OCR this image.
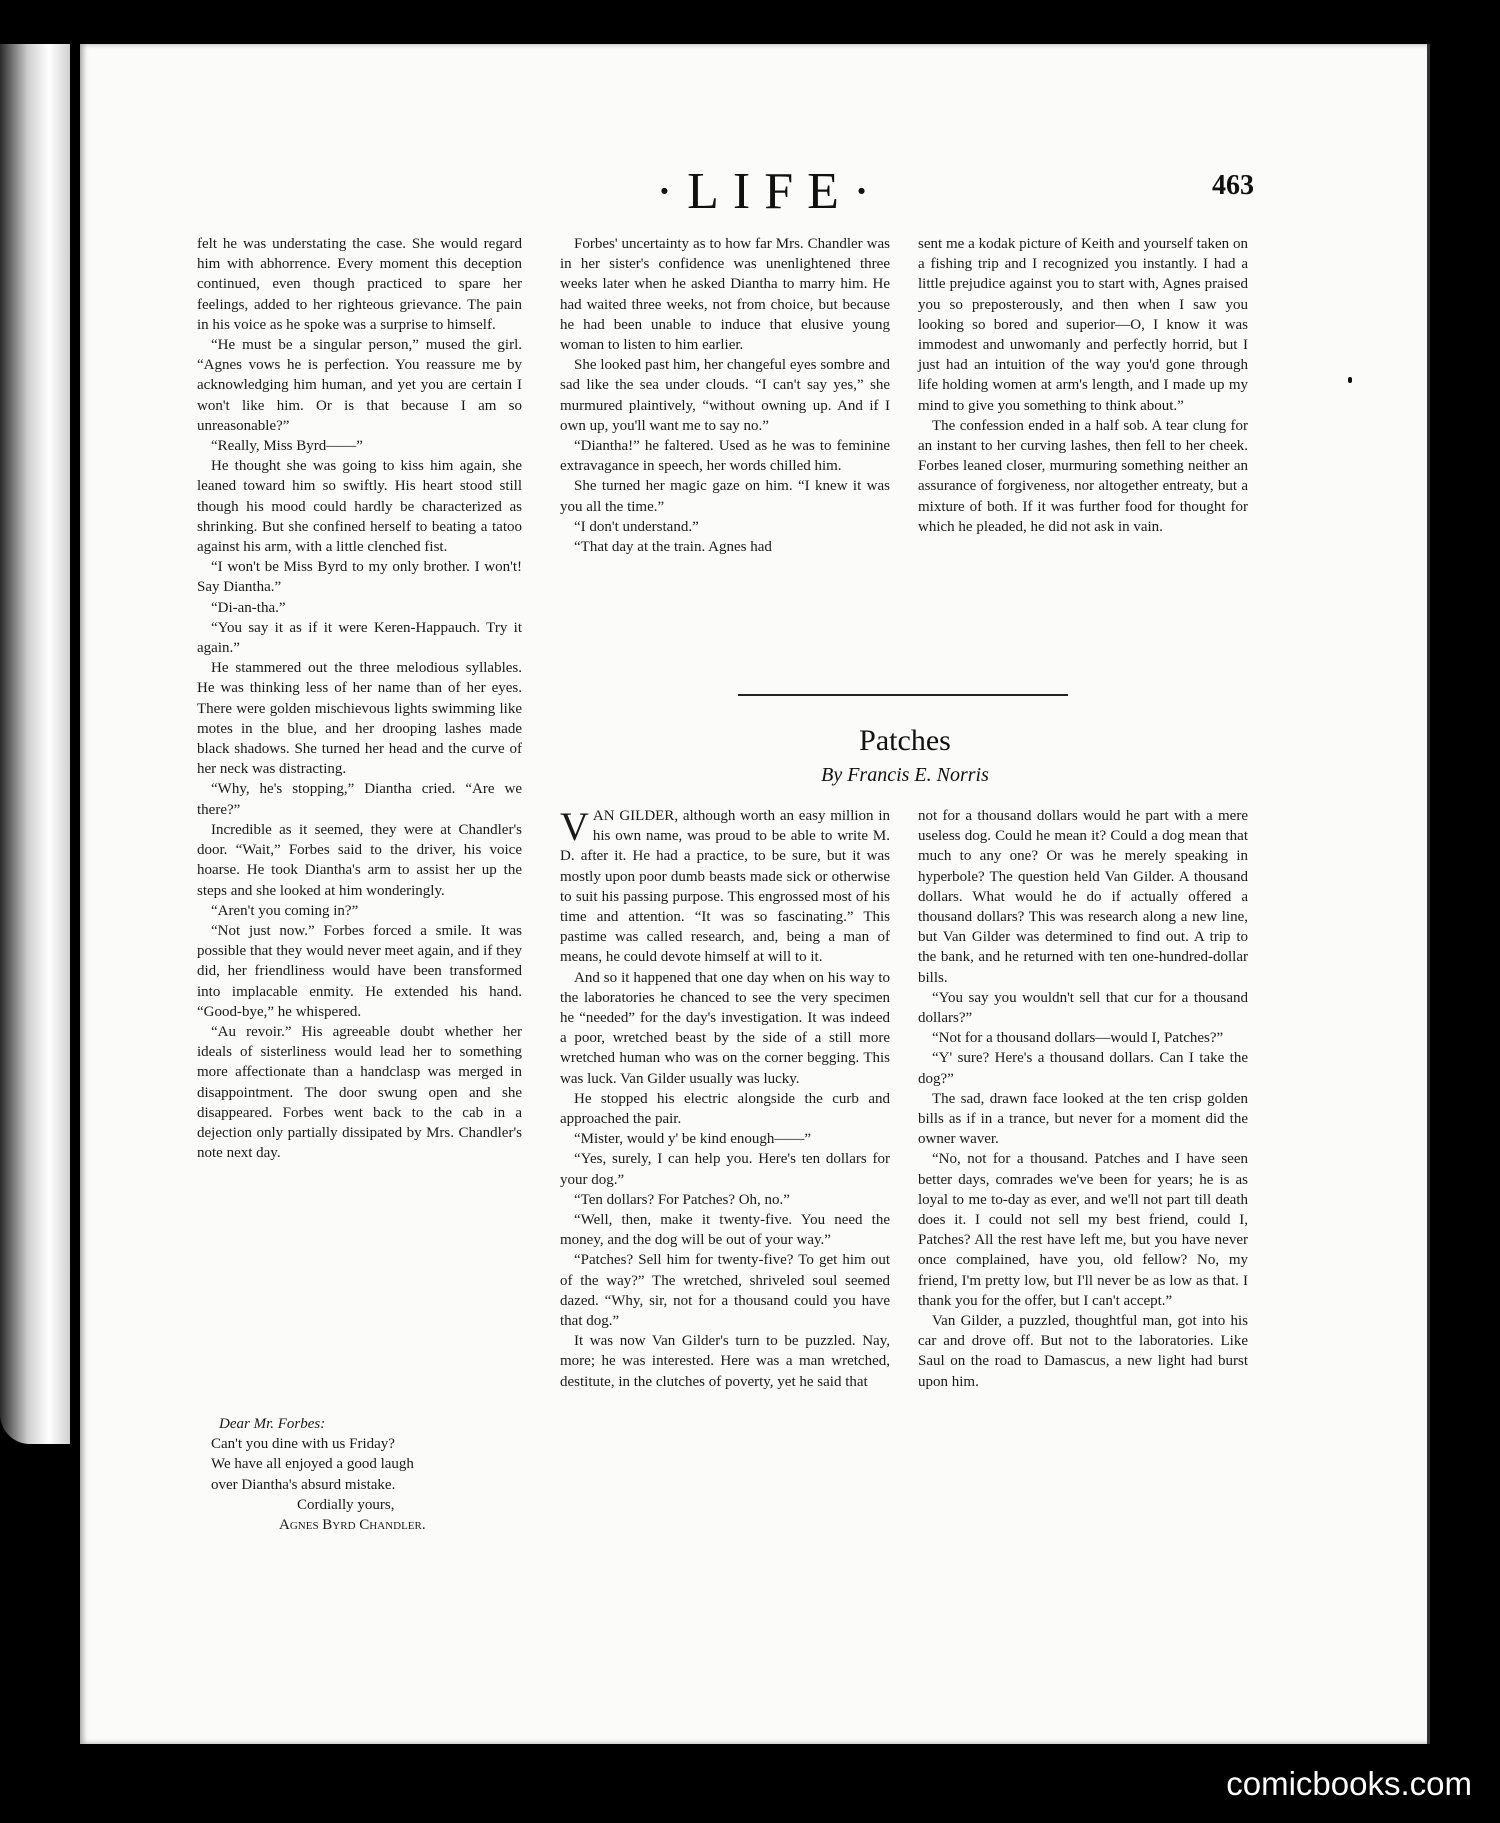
·LIFE·	463

felt he was understating the case. She would regard him with abhorrence. Every moment this deception continued, even though practiced to spare her feelings, added to her righteous grievance. The pain in his voice as he spoke was a surprise to himself.

“He must be a singular person,” mused the girl. “Agnes vows he is perfection. You reassure me by acknowledging him human, and yet you are certain I won't like him. Or is that because I am so unreasonable?”

“Really, Miss Byrd——”

He thought she was going to kiss him again, she leaned toward him so swiftly. His heart stood still though his mood could hardly be characterized as shrinking. But she confined herself to beating a tatoo against his arm, with a little clenched fist.

“I won't be Miss Byrd to my only brother. I won't! Say Diantha.”

“Di-an-tha.”

“You say it as if it were Keren-Happauch. Try it again.”

He stammered out the three melodious syllables. He was thinking less of her name than of her eyes. There were golden mischievous lights swimming like motes in the blue, and her drooping lashes made black shadows. She turned her head and the curve of her neck was distracting.

“Why, he's stopping,” Diantha cried. “Are we there?”

Incredible as it seemed, they were at Chandler's door. “Wait,” Forbes said to the driver, his voice hoarse. He took Diantha's arm to assist her up the steps and she looked at him wonderingly.

“Aren't you coming in?”

“Not just now.” Forbes forced a smile. It was possible that they would never meet again, and if they did, her friendliness would have been transformed into implacable enmity. He extended his hand. “Good-bye,” he whispered.

“Au revoir.” His agreeable doubt whether her ideals of sisterliness would lead her to something more affectionate than a handclasp was merged in disappointment. The door swung open and she disappeared. Forbes went back to the cab in a dejection only partially dissipated by Mrs. Chandler's note next day.

Dear Mr. Forbes:
Can't you dine with us Friday?
We have all enjoyed a good laugh
over Diantha's absurd mistake.
Cordially yours,
Agnes Byrd Chandler.

Forbes' uncertainty as to how far Mrs. Chandler was in her sister's confidence was unenlightened three weeks later when he asked Diantha to marry him. He had waited three weeks, not from choice, but because he had been unable to induce that elusive young woman to listen to him earlier.

She looked past him, her changeful eyes sombre and sad like the sea under clouds. “I can't say yes,” she murmured plaintively, “without owning up. And if I own up, you'll want me to say no.”

“Diantha!” he faltered. Used as he was to feminine extravagance in speech, her words chilled him.

She turned her magic gaze on him. “I knew it was you all the time.”

“I don't understand.”

“That day at the train. Agnes had

sent me a kodak picture of Keith and yourself taken on a fishing trip and I recognized you instantly. I had a little prejudice against you to start with, Agnes praised you so preposterously, and then when I saw you looking so bored and superior—O, I know it was immodest and unwomanly and perfectly horrid, but I just had an intuition of the way you'd gone through life holding women at arm's length, and I made up my mind to give you something to think about.”

The confession ended in a half sob. A tear clung for an instant to her curving lashes, then fell to her cheek. Forbes leaned closer, murmuring something neither an assurance of forgiveness, nor altogether entreaty, but a mixture of both. If it was further food for thought for which he pleaded, he did not ask in vain.

Patches
By Francis E. Norris

VAN GILDER, although worth an easy million in his own name, was proud to be able to write M. D. after it. He had a practice, to be sure, but it was mostly upon poor dumb beasts made sick or otherwise to suit his passing purpose. This engrossed most of his time and attention. “It was so fascinating.” This pastime was called research, and, being a man of means, he could devote himself at will to it.

And so it happened that one day when on his way to the laboratories he chanced to see the very specimen he “needed” for the day's investigation. It was indeed a poor, wretched beast by the side of a still more wretched human who was on the corner begging. This was luck. Van Gilder usually was lucky.

He stopped his electric alongside the curb and approached the pair.

“Mister, would y' be kind enough——”

“Yes, surely, I can help you. Here's ten dollars for your dog.”

“Ten dollars? For Patches? Oh, no.”

“Well, then, make it twenty-five. You need the money, and the dog will be out of your way.”

“Patches? Sell him for twenty-five? To get him out of the way?” The wretched, shriveled soul seemed dazed. “Why, sir, not for a thousand could you have that dog.”

It was now Van Gilder's turn to be puzzled. Nay, more; he was interested. Here was a man wretched, destitute, in the clutches of poverty, yet he said that

not for a thousand dollars would he part with a mere useless dog. Could he mean it? Could a dog mean that much to any one? Or was he merely speaking in hyperbole? The question held Van Gilder. A thousand dollars. What would he do if actually offered a thousand dollars? This was research along a new line, but Van Gilder was determined to find out. A trip to the bank, and he returned with ten one-hundred-dollar bills.

“You say you wouldn't sell that cur for a thousand dollars?”

“Not for a thousand dollars—would I, Patches?”

“Y' sure? Here's a thousand dollars. Can I take the dog?”

The sad, drawn face looked at the ten crisp golden bills as if in a trance, but never for a moment did the owner waver.

“No, not for a thousand. Patches and I have seen better days, comrades we've been for years; he is as loyal to me to-day as ever, and we'll not part till death does it. I could not sell my best friend, could I, Patches? All the rest have left me, but you have never once complained, have you, old fellow? No, my friend, I'm pretty low, but I'll never be as low as that. I thank you for the offer, but I can't accept.”

Van Gilder, a puzzled, thoughtful man, got into his car and drove off. But not to the laboratories. Like Saul on the road to Damascus, a new light had burst upon him.

comicbooks.com
